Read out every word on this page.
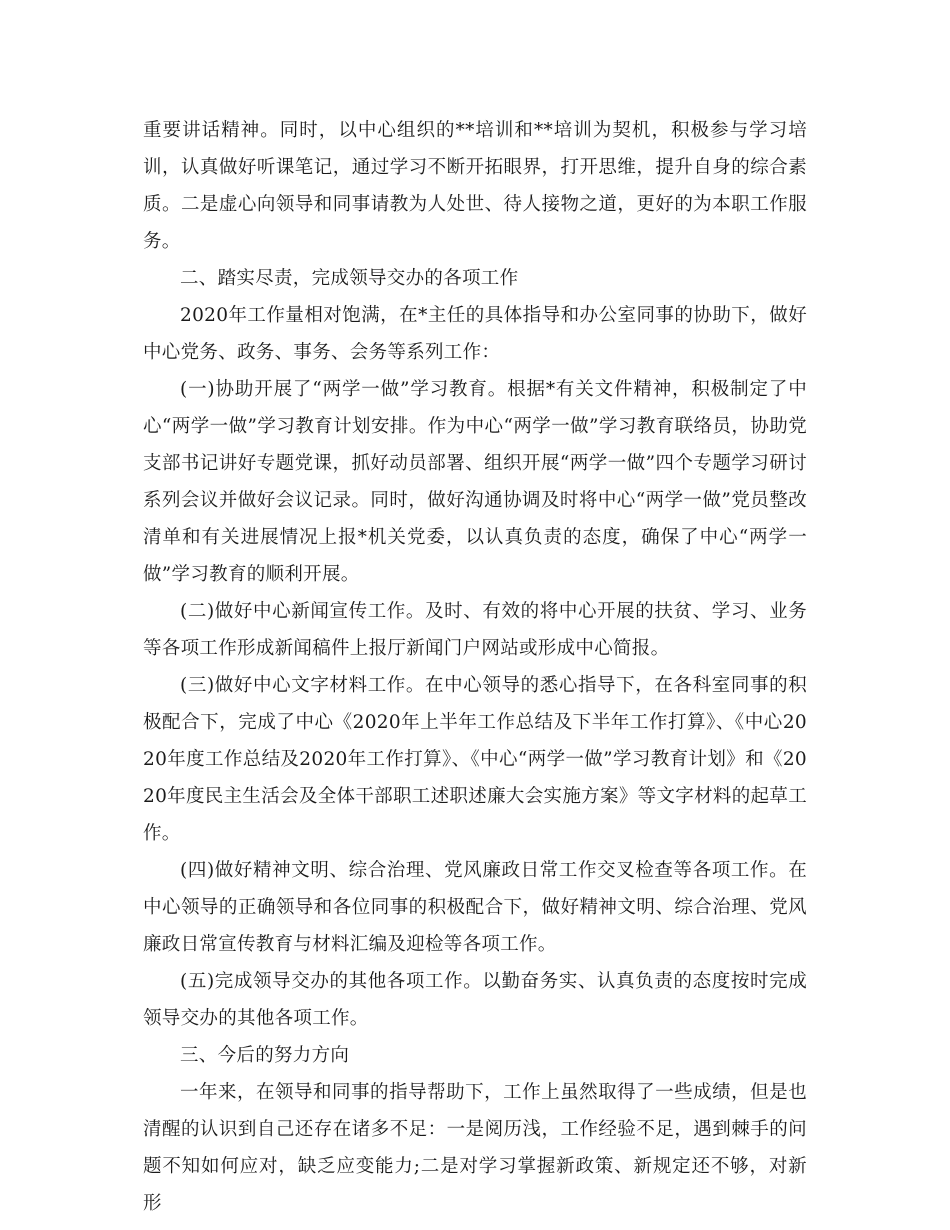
重要讲话精神。同时，以中心组织的**培训和**培训为契机，积极参与学习培训，认真做好听课笔记，通过学习不断开拓眼界，打开思维，提升自身的综合素质。二是虚心向领导和同事请教为人处世、待人接物之道，更好的为本职工作服务。

二、踏实尽责，完成领导交办的各项工作

2020年工作量相对饱满，在*主任的具体指导和办公室同事的协助下，做好中心党务、政务、事务、会务等系列工作：

(一)协助开展了“两学一做”学习教育。根据*有关文件精神，积极制定了中心“两学一做”学习教育计划安排。作为中心“两学一做”学习教育联络员，协助党支部书记讲好专题党课，抓好动员部署、组织开展“两学一做”四个专题学习研讨系列会议并做好会议记录。同时，做好沟通协调及时将中心“两学一做”党员整改清单和有关进展情况上报*机关党委，以认真负责的态度，确保了中心“两学一做”学习教育的顺利开展。

(二)做好中心新闻宣传工作。及时、有效的将中心开展的扶贫、学习、业务等各项工作形成新闻稿件上报厅新闻门户网站或形成中心简报。

(三)做好中心文字材料工作。在中心领导的悉心指导下，在各科室同事的积极配合下，完成了中心《2020年上半年工作总结及下半年工作打算》、《中心2020年度工作总结及2020年工作打算》、《中心“两学一做”学习教育计划》和《2020年度民主生活会及全体干部职工述职述廉大会实施方案》等文字材料的起草工作。

(四)做好精神文明、综合治理、党风廉政日常工作交叉检查等各项工作。在中心领导的正确领导和各位同事的积极配合下，做好精神文明、综合治理、党风廉政日常宣传教育与材料汇编及迎检等各项工作。

(五)完成领导交办的其他各项工作。以勤奋务实、认真负责的态度按时完成领导交办的其他各项工作。

三、今后的努力方向

一年来，在领导和同事的指导帮助下，工作上虽然取得了一些成绩，但是也清醒的认识到自己还存在诸多不足：一是阅历浅，工作经验不足，遇到棘手的问题不知如何应对，缺乏应变能力;二是对学习掌握新政策、新规定还不够，对新形
